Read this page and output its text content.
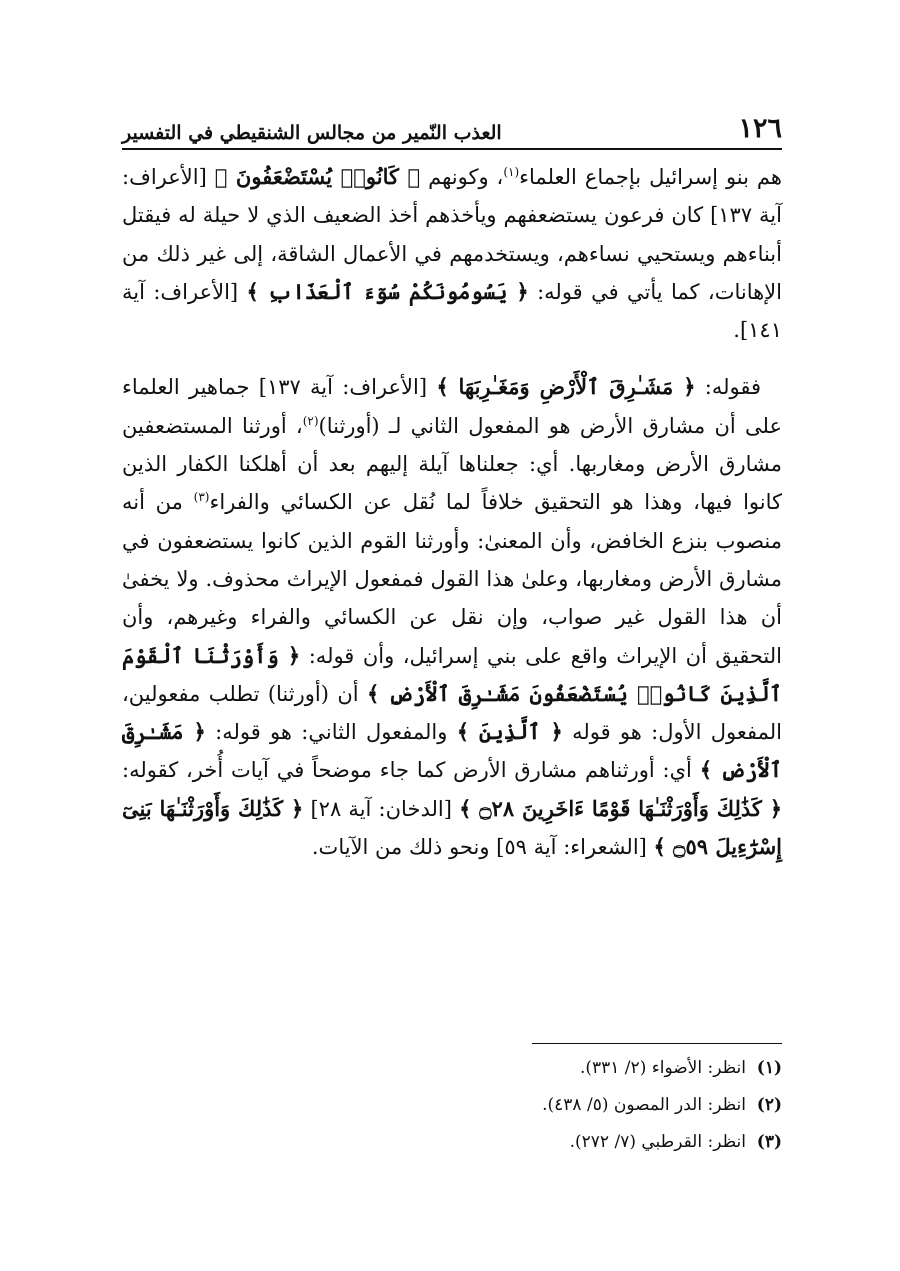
١٢٦
العذب النّمير من مجالس الشنقيطي في التفسير

هم بنو إسرائيل بإجماع العلماء$^{(١)}$، وكونهم ﴿ كَانُوا۟ يُسْتَضْعَفُونَ ﴾ [الأعراف: آية ١٣٧] كان فرعون يستضعفهم ويأخذهم أخذ الضعيف الذي لا حيلة له فيقتل أبناءهم ويستحيي نساءهم، ويستخدمهم في الأعمال الشاقة، إلى غير ذلك من الإهانات، كما يأتي في قوله: ﴿ يَسُومُونَكُمْ سُوٓءَ ٱلْعَذَابِ ﴾ [الأعراف: آية ١٤١].

 فقوله: ﴿ مَشَـٰرِقَ ٱلْأَرْضِ وَمَغَـٰرِبَهَا ﴾ [الأعراف: آية ١٣٧] جماهير العلماء على أن مشارق الأرض هو المفعول الثاني لـ (أورثنا)$^{(٢)}$، أورثنا المستضعفين مشارق الأرض ومغاربها. أي: جعلناها آيلة إليهم بعد أن أهلكنا الكفار الذين كانوا فيها، وهذا هو التحقيق خلافاً لما نُقل عن الكسائي والفراء$^{(٣)}$ من أنه منصوب بنزع الخافض، وأن المعنىٰ: وأورثنا القوم الذين كانوا يستضعفون في مشارق الأرض ومغاربها، وعلىٰ هذا القول فمفعول الإيراث محذوف. ولا يخفىٰ أن هذا القول غير صواب، وإن نقل عن الكسائي والفراء وغيرهم، وأن التحقيق أن الإيراث واقع على بني إسرائيل، وأن قوله: ﴿ وَأَوْرَثْنَا ٱلْقَوْمَ ٱلَّذِينَ كَانُوا۟ يُسْتَضْعَفُونَ مَشَـٰرِقَ ٱلْأَرْضِ ﴾ أن (أورثنا) تطلب مفعولين، المفعول الأول: هو قوله ﴿ ٱلَّذِينَ ﴾ والمفعول الثاني: هو قوله: ﴿ مَشَـٰرِقَ ٱلْأَرْضِ ﴾ أي: أورثناهم مشارق الأرض كما جاء موضحاً في آيات أُخر، كقوله: ﴿ كَذَٰلِكَ وَأَوْرَثْنَـٰهَا قَوْمًا ءَاخَرِينَ ۝٢٨ ﴾ [الدخان: آية ٢٨] ﴿ كَذَٰلِكَ وَأَوْرَثْنَـٰهَا بَنِىٓ إِسْرَٰٓءِيلَ ۝٥٩ ﴾ [الشعراء: آية ٥٩] ونحو ذلك من الآيات.

(١)
انظر: الأضواء (٢/ ٣٣١).
(٢)
انظر: الدر المصون (٥/ ٤٣٨).
(٣)
انظر: القرطبي (٧/ ٢٧٢).
